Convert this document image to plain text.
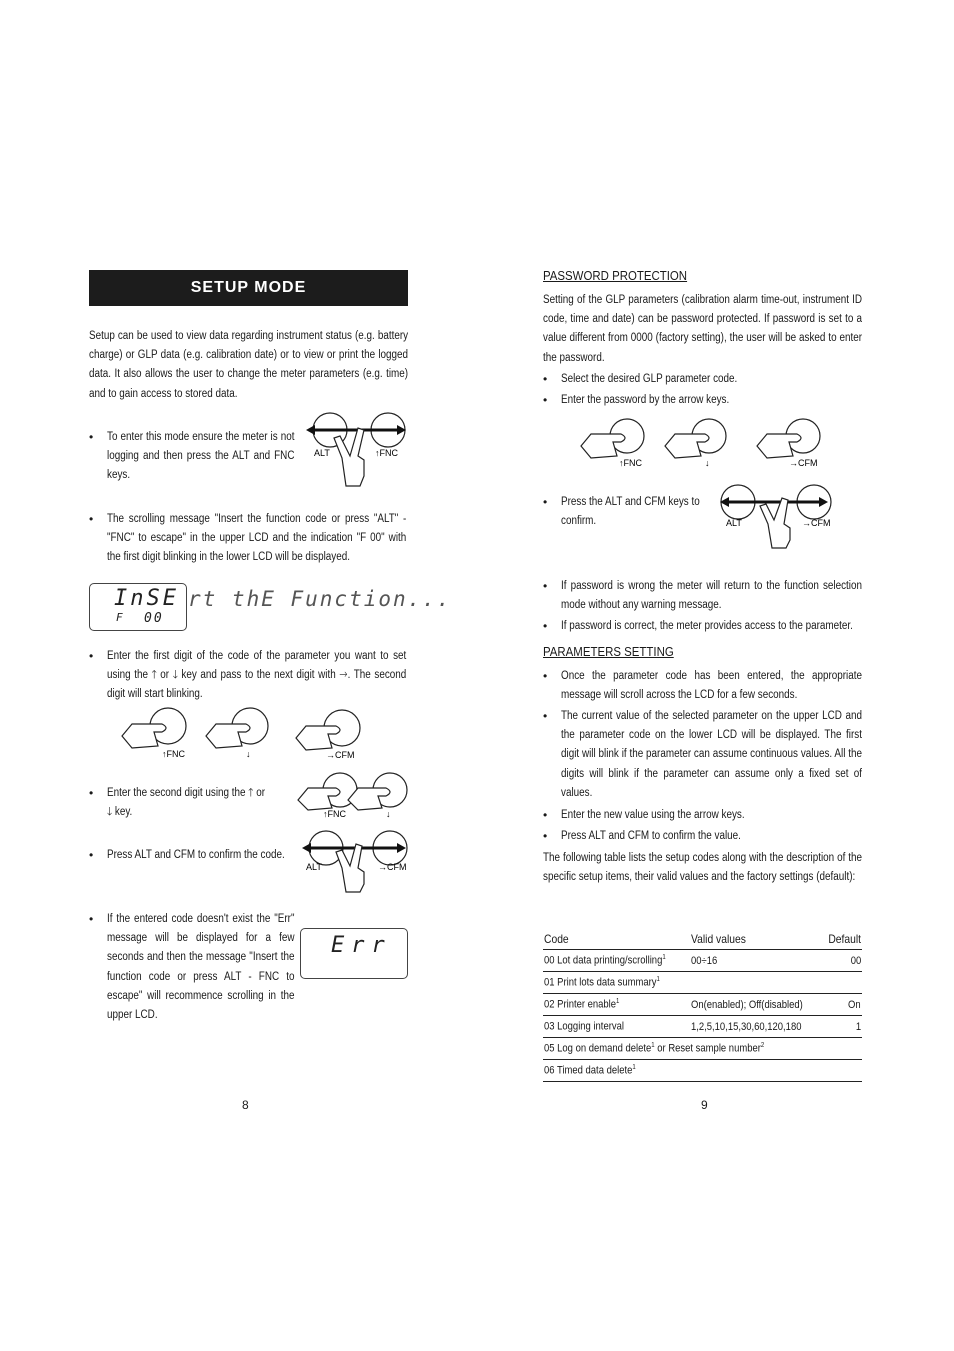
SETUP MODE
Setup can be used to view data regarding instrument status (e.g. battery charge) or GLP data (e.g. calibration date) or to view or print the logged data. It also allows the user to change the meter parameters (e.g. time) and to gain access to stored data.
• To enter this mode ensure the meter is not logging and then press the ALT and FNC keys.
ALT	↑FNC
• The scrolling message "Insert the function code or press "ALT" - "FNC" to escape" in the upper LCD and the indication "F 00" with the first digit blinking in the lower LCD will be displayed.
InSE
F 00
rt thE Function...
• Enter the first digit of the code of the parameter you want to set using the 🡑 or 🡓 key and pass to the next digit with 🡒. The second digit will start blinking.
↑FNC	↓	→CFM
• Enter the second digit using the 🡑 or
🡓 key.	↑FNC	↓
• Press ALT and CFM to confirm the code.
ALT	→CFM
• If the entered code doesn't exist the "Err" message will be displayed for a few seconds and then the message "Insert the function code or press ALT - FNC to escape" will recommence scrolling in the upper LCD.
Err
8
PASSWORD PROTECTION
Setting of the GLP parameters (calibration alarm time-out, instrument ID code, time and date) can be password protected. If password is set to a value different from 0000 (factory setting), the user will be asked to enter the password.
• Select the desired GLP parameter code.
• Enter the password by the arrow keys.
↑FNC	↓	→CFM
• Press the ALT and CFM keys to confirm.	ALT	→CFM
• If password is wrong the meter will return to the function selection mode without any warning message.
• If password is correct, the meter provides access to the parameter.
PARAMETERS SETTING
• Once the parameter code has been entered, the appropriate message will scroll across the LCD for a few seconds.
• The current value of the selected parameter on the upper LCD and the parameter code on the lower LCD will be displayed. The first digit will blink if the parameter can assume continuous values. All the digits will blink if the parameter can assume only a fixed set of values.
• Enter the new value using the arrow keys.
• Press ALT and CFM to confirm the value.
The following table lists the setup codes along with the description of the specific setup items, their valid values and the factory settings (default):
Code	Valid values	Default
00 Lot data printing/scrolling$^1$	00÷16	00
01 Print lots data summary$^1$		
02 Printer enable$^1$	On(enabled); Off(disabled)	On
03 Logging interval	1,2,5,10,15,30,60,120,180	1
05 Log on demand delete$^1$ or Reset sample number$^2$
06 Timed data delete$^1$		
9
